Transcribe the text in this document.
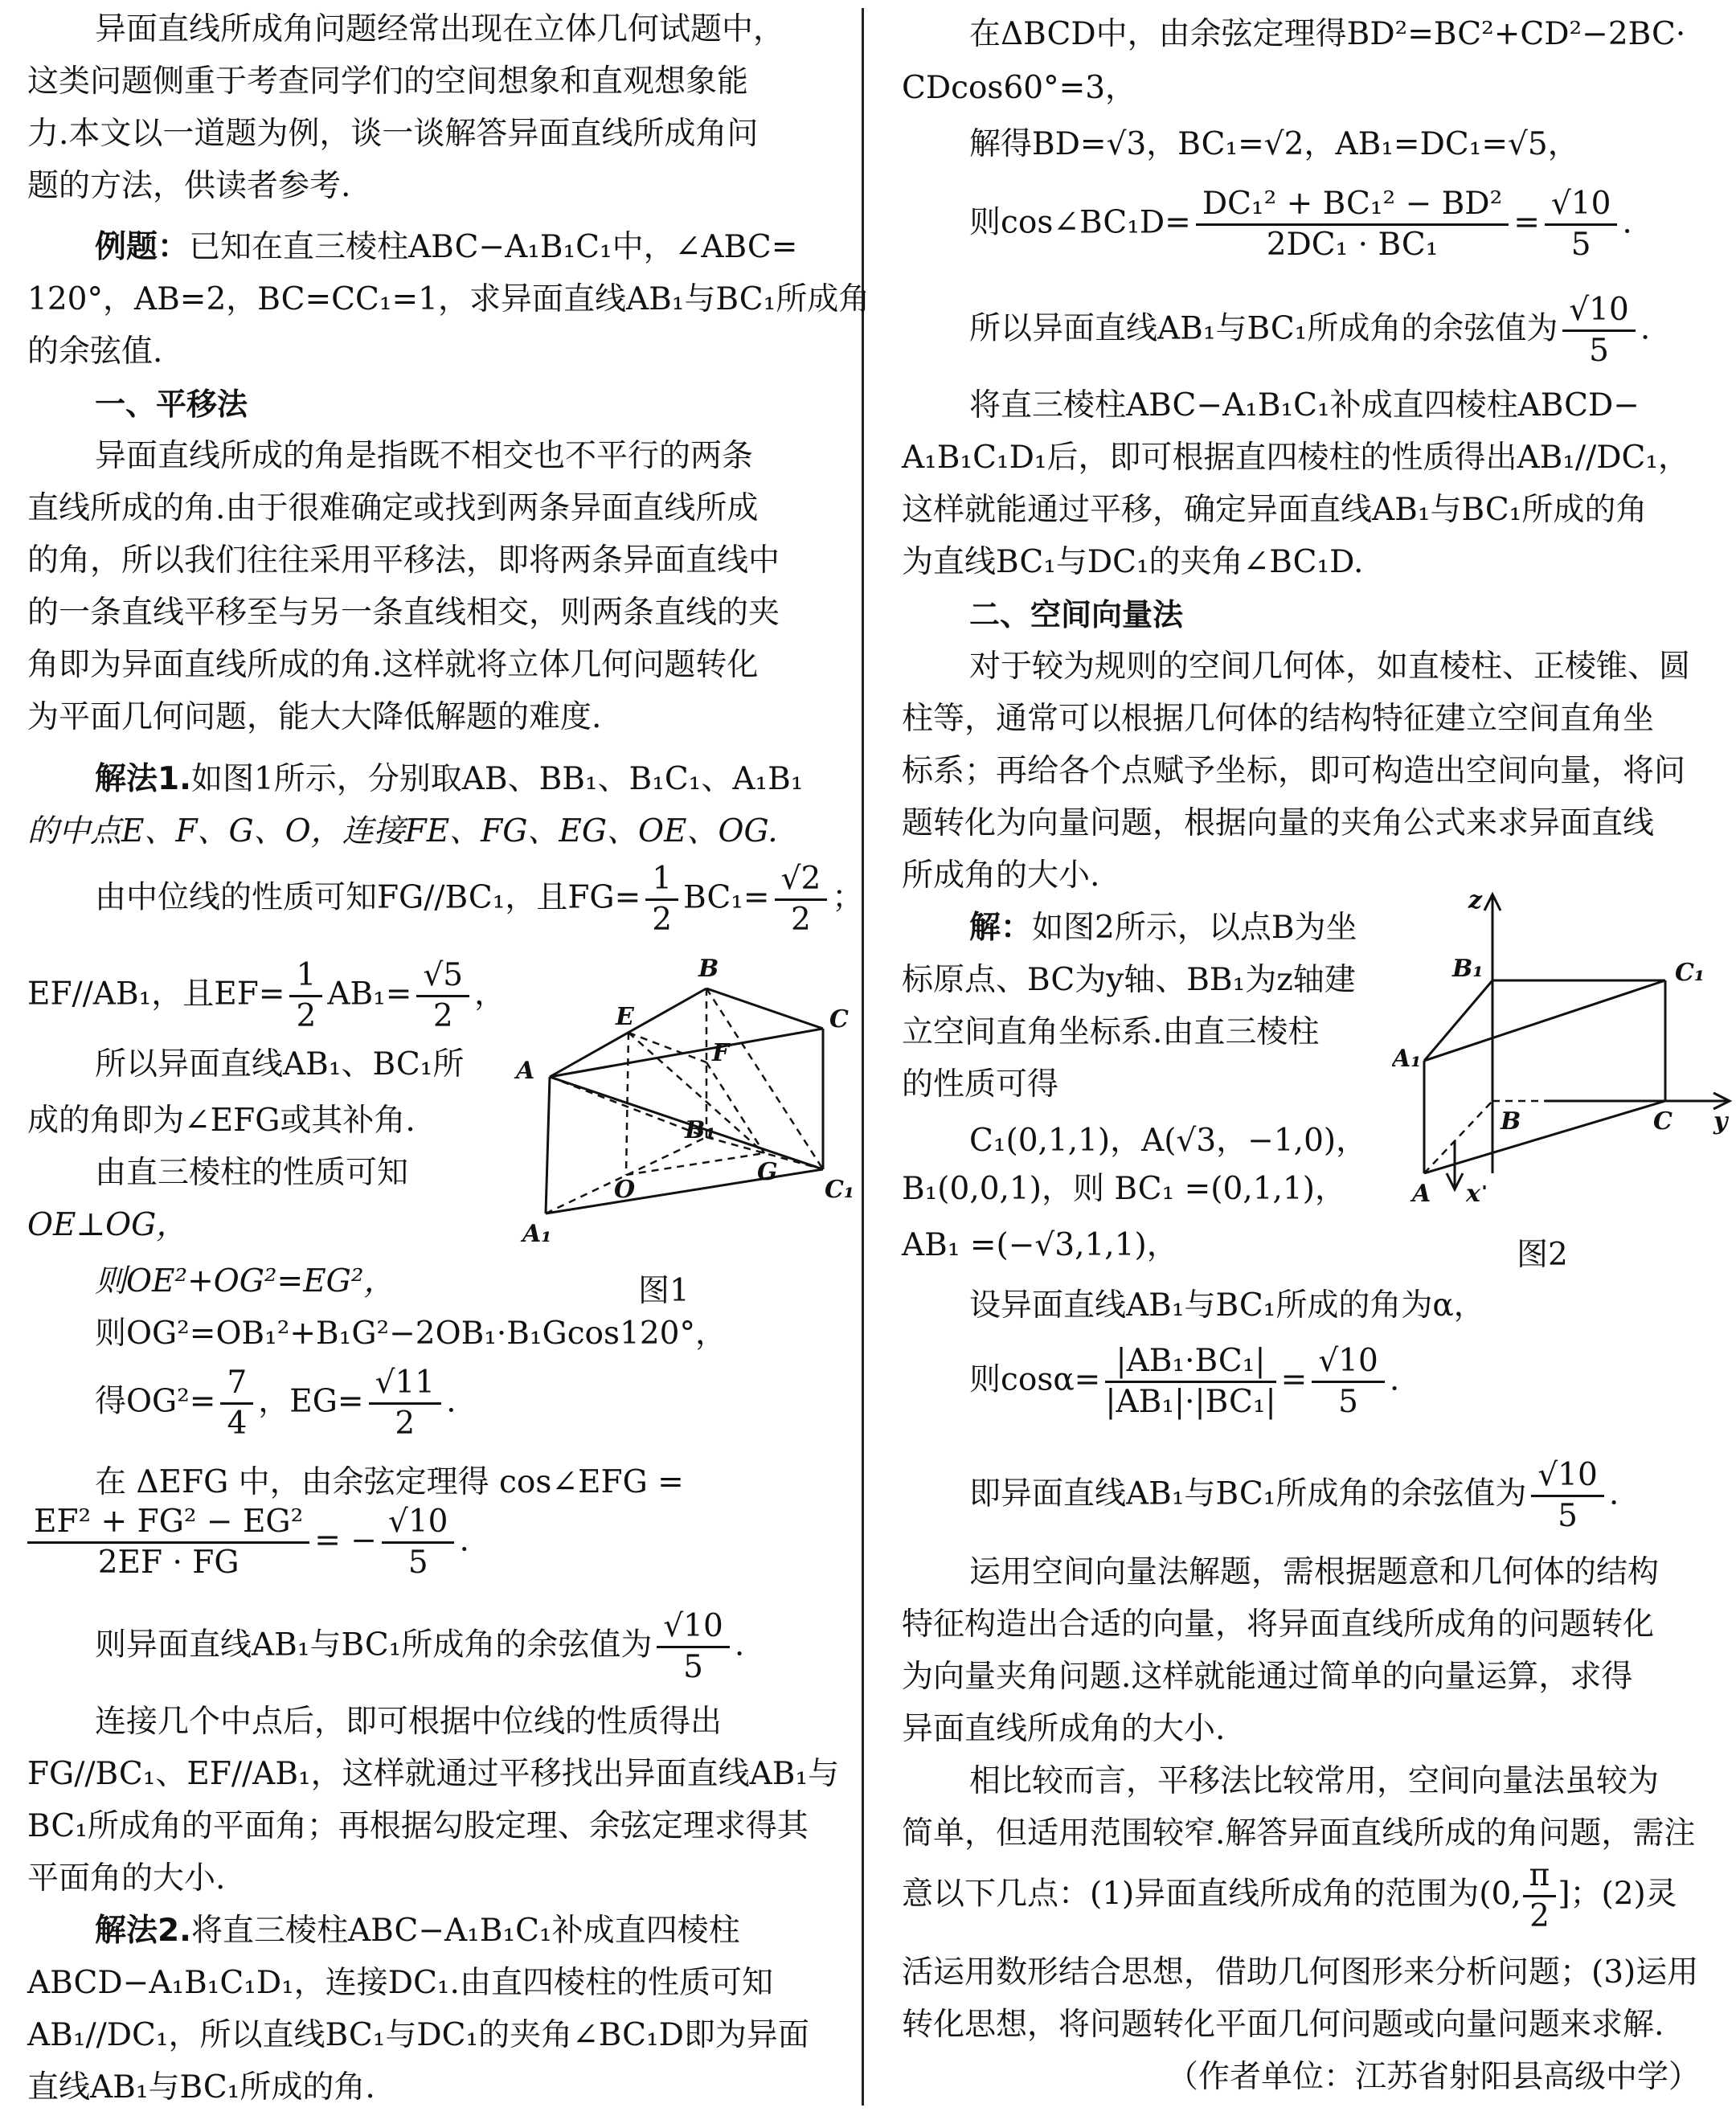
异面直线所成角问题经常出现在立体几何试题中，
这类问题侧重于考查同学们的空间想象和直观想象能
力.本文以一道题为例，谈一谈解答异面直线所成角问
题的方法，供读者参考.
例题：已知在直三棱柱ABC−A₁B₁C₁中，∠ABC=
120°，AB=2，BC=CC₁=1，求异面直线AB₁与BC₁所成角
的余弦值.
一、平移法
异面直线所成的角是指既不相交也不平行的两条
直线所成的角.由于很难确定或找到两条异面直线所成
的角，所以我们往往采用平移法，即将两条异面直线中
的一条直线平移至与另一条直线相交，则两条直线的夹
角即为异面直线所成的角.这样就将立体几何问题转化
为平面几何问题，能大大降低解题的难度.
解法1.如图1所示，分别取AB、BB₁、B₁C₁、A₁B₁
的中点E、F、G、O，连接FE、FG、EG、OE、OG.
由中位线的性质可知FG//BC₁，且$FG= \frac{1}{2} BC_1= \frac{√2}{2}$ ；
EF//AB₁，且$EF= \frac{1}{2} AB_1= \frac{√5}{2}$ ，
所以异面直线AB₁、BC₁所
成的角即为∠EFG或其补角.
由直三棱柱的性质可知
OE⊥OG，
则OE²+OG²=EG²，
则OG²=OB₁²+B₁G²−2OB₁·B₁Gcos120°，
得$OG^2= \frac{7}{4}$ ，$EG= \frac{√11}{2}$ .
在 ΔEFG 中，由余弦定理得 cos∠EFG =
$\frac{\text{EF² + FG² − EG²}}{2EF \cdot FG}$ = − $\frac{√10}{5}$ .
则异面直线AB₁与BC₁所成角的余弦值为 $\frac{√10}{5}$ .
连接几个中点后，即可根据中位线的性质得出
FG//BC₁、EF//AB₁，这样就通过平移找出异面直线AB₁与
BC₁所成角的平面角；再根据勾股定理、余弦定理求得其
平面角的大小.
解法2.将直三棱柱ABC−A₁B₁C₁补成直四棱柱
ABCD−A₁B₁C₁D₁，连接DC₁.由直四棱柱的性质可知
AB₁//DC₁，所以直线BC₁与DC₁的夹角∠BC₁D即为异面
直线AB₁与BC₁所成的角.
A
B
C
E
F
O
G
B₁
C₁
A₁
图1
在ΔBCD中，由余弦定理得BD²=BC²+CD²−2BC·
CDcos60°=3，
解得BD=√3，BC₁=√2，AB₁=DC₁=√5，
则cos∠BC₁D= $\frac{\text{DC₁² + BC₁² − BD²}}{\text{2DC₁ · BC₁}} = \frac{√10}{5}$ .
所以异面直线AB₁与BC₁所成角的余弦值为 $\frac{√10}{5}$ .
将直三棱柱ABC−A₁B₁C₁补成直四棱柱ABCD−
A₁B₁C₁D₁后，即可根据直四棱柱的性质得出AB₁//DC₁，
这样就能通过平移，确定异面直线AB₁与BC₁所成的角
为直线BC₁与DC₁的夹角∠BC₁D.
二、空间向量法
对于较为规则的空间几何体，如直棱柱、正棱锥、圆
柱等，通常可以根据几何体的结构特征建立空间直角坐
标系；再给各个点赋予坐标，即可构造出空间向量，将问
题转化为向量问题，根据向量的夹角公式来求异面直线
所成角的大小.
解：如图2所示，以点B为坐
标原点、BC为y轴、BB₁为z轴建
立空间直角坐标系.由直三棱柱
的性质可得
C₁(0,1,1)，A(√3，−1,0)，
B₁(0,0,1)，则 BC₁ =(0,1,1)，
AB₁ =(−√3,1,1)，
z
y
x
B₁	C₁
A₁
B	C
A
图2
设异面直线AB₁与BC₁所成的角为α，
则$\cos\alpha= \frac{\text{|AB₁·BC₁|}}{\text{|AB₁|·|BC₁|}} = \frac{√10}{5}$ .
即异面直线AB₁与BC₁所成角的余弦值为 $\frac{√10}{5}$ .
运用空间向量法解题，需根据题意和几何体的结构
特征构造出合适的向量，将异面直线所成角的问题转化
为向量夹角问题.这样就能通过简单的向量运算，求得
异面直线所成角的大小.
相比较而言，平移法比较常用，空间向量法虽较为
简单，但适用范围较窄.解答异面直线所成的角问题，需注
意以下几点：(1)异面直线所成角的范围为(0, $\frac{\pi}{2}$ ]；(2)灵
活运用数形结合思想，借助几何图形来分析问题；(3)运用
转化思想，将问题转化平面几何问题或向量问题来求解.
（作者单位：江苏省射阳县高级中学）
